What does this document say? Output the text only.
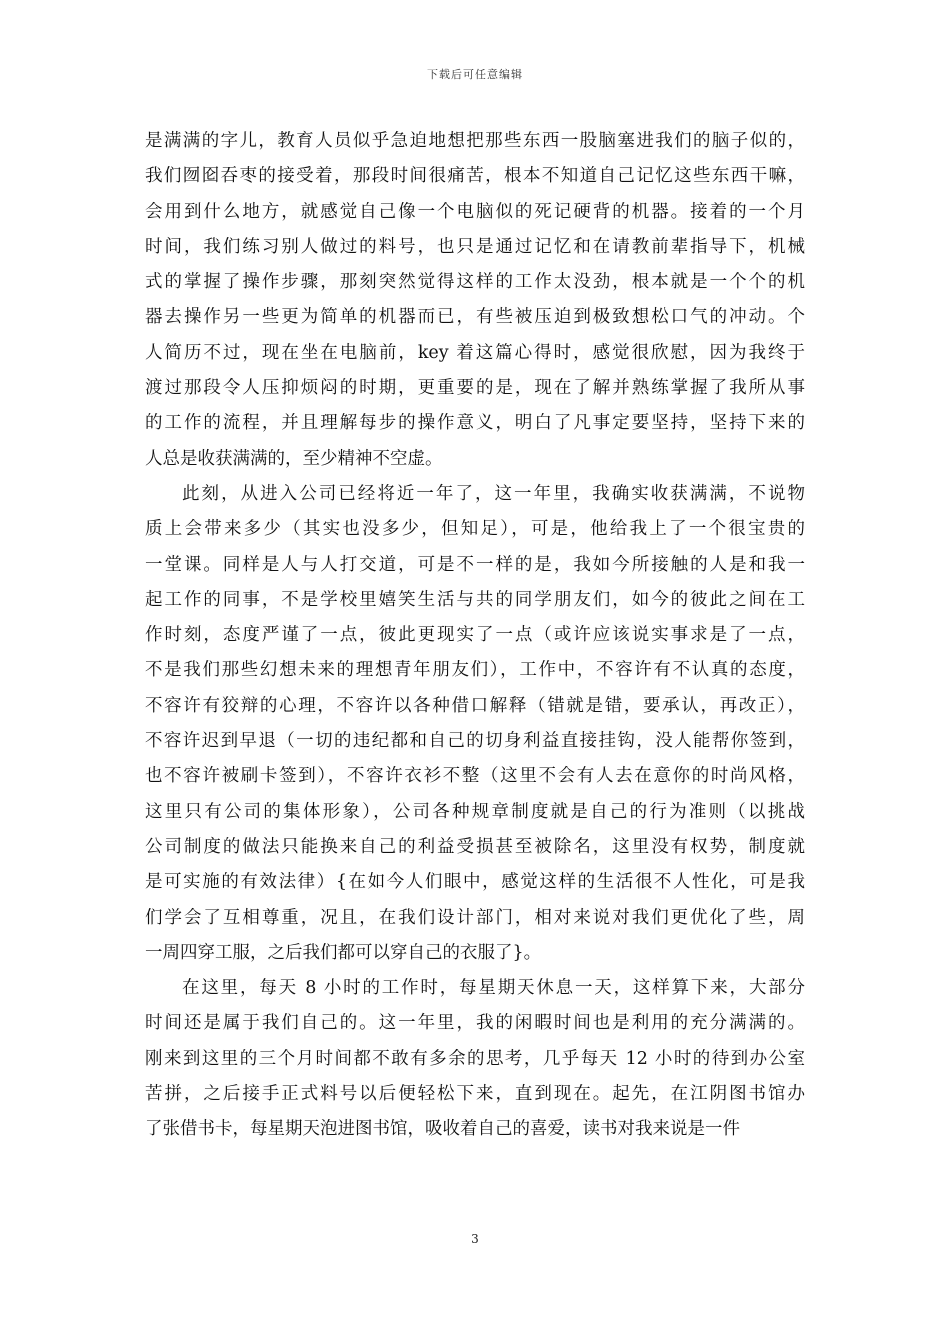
下载后可任意编辑
是满满的字儿，教育人员似乎急迫地想把那些东西一股脑塞进我们的脑子似的，
我们囫囵吞枣的接受着，那段时间很痛苦，根本不知道自己记忆这些东西干嘛，
会用到什么地方，就感觉自己像一个电脑似的死记硬背的机器。接着的一个月
时间，我们练习别人做过的料号，也只是通过记忆和在请教前辈指导下，机械
式的掌握了操作步骤，那刻突然觉得这样的工作太没劲，根本就是一个个的机
器去操作另一些更为简单的机器而已，有些被压迫到极致想松口气的冲动。个
人简历不过，现在坐在电脑前，key 着这篇心得时，感觉很欣慰，因为我终于
渡过那段令人压抑烦闷的时期，更重要的是，现在了解并熟练掌握了我所从事
的工作的流程，并且理解每步的操作意义，明白了凡事定要坚持，坚持下来的
人总是收获满满的，至少精神不空虚。
此刻，从进入公司已经将近一年了，这一年里，我确实收获满满，不说物
质上会带来多少（其实也没多少，但知足），可是，他给我上了一个很宝贵的
一堂课。同样是人与人打交道，可是不一样的是，我如今所接触的人是和我一
起工作的同事，不是学校里嬉笑生活与共的同学朋友们，如今的彼此之间在工
作时刻，态度严谨了一点，彼此更现实了一点（或许应该说实事求是了一点，
不是我们那些幻想未来的理想青年朋友们），工作中，不容许有不认真的态度，
不容许有狡辩的心理，不容许以各种借口解释（错就是错，要承认，再改正），
不容许迟到早退（一切的违纪都和自己的切身利益直接挂钩，没人能帮你签到，
也不容许被刷卡签到），不容许衣衫不整（这里不会有人去在意你的时尚风格，
这里只有公司的集体形象），公司各种规章制度就是自己的行为准则（以挑战
公司制度的做法只能换来自己的利益受损甚至被除名，这里没有权势，制度就
是可实施的有效法律）{在如今人们眼中，感觉这样的生活很不人性化，可是我
们学会了互相尊重，况且，在我们设计部门，相对来说对我们更优化了些，周
一周四穿工服，之后我们都可以穿自己的衣服了}。
在这里，每天 8 小时的工作时，每星期天休息一天，这样算下来，大部分
时间还是属于我们自己的。这一年里，我的闲暇时间也是利用的充分满满的。
刚来到这里的三个月时间都不敢有多余的思考，几乎每天 12 小时的待到办公室
苦拼，之后接手正式料号以后便轻松下来，直到现在。起先，在江阴图书馆办
了张借书卡，每星期天泡进图书馆，吸收着自己的喜爱，读书对我来说是一件
3
